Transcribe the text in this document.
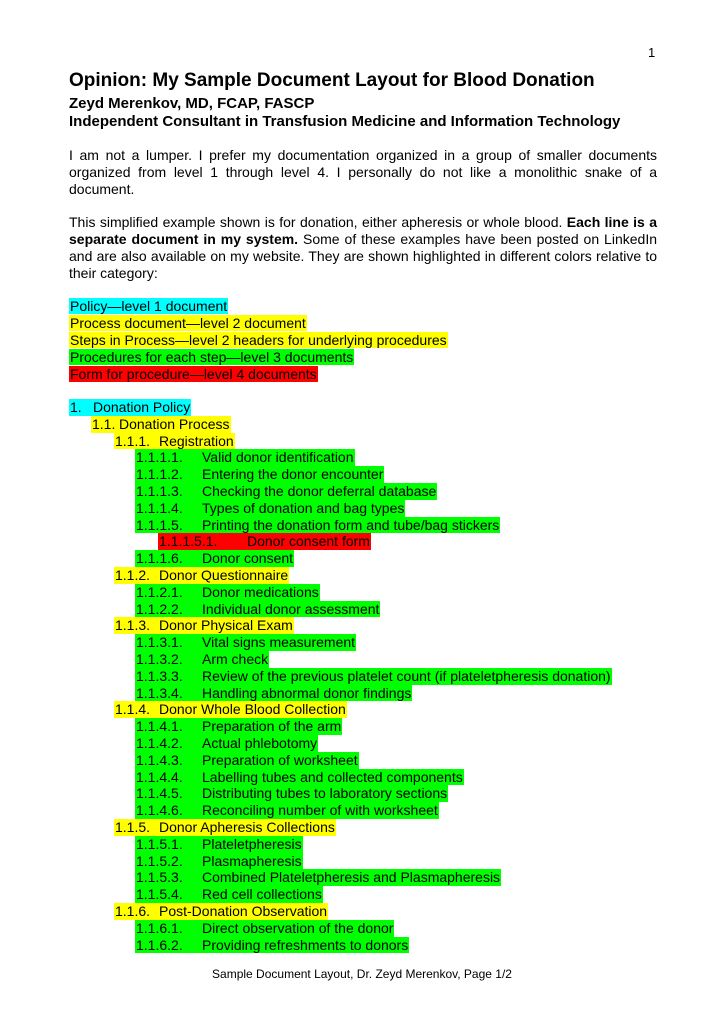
1
Opinion: My Sample Document Layout for Blood Donation
Zeyd Merenkov, MD, FCAP, FASCP
Independent Consultant in Transfusion Medicine and Information Technology
I am not a lumper. I prefer my documentation organized in a group of smaller documents organized from level 1 through level 4. I personally do not like a monolithic snake of a document.
This simplified example shown is for donation, either apheresis or whole blood. Each line is a separate document in my system. Some of these examples have been posted on LinkedIn and are also available on my website. They are shown highlighted in different colors relative to their category:
Policy—level 1 document
Process document—level 2 document
Steps in Process—level 2 headers for underlying procedures
Procedures for each step—level 3 documents
Form for procedure—level 4 documents
1. Donation Policy
1.1. Donation Process
1.1.1. Registration
1.1.1.1. Valid donor identification
1.1.1.2. Entering the donor encounter
1.1.1.3. Checking the donor deferral database
1.1.1.4. Types of donation and bag types
1.1.1.5. Printing the donation form and tube/bag stickers
1.1.1.5.1. Donor consent form
1.1.1.6. Donor consent
1.1.2. Donor Questionnaire
1.1.2.1. Donor medications
1.1.2.2. Individual donor assessment
1.1.3. Donor Physical Exam
1.1.3.1. Vital signs measurement
1.1.3.2. Arm check
1.1.3.3. Review of the previous platelet count (if plateletpheresis donation)
1.1.3.4. Handling abnormal donor findings
1.1.4. Donor Whole Blood Collection
1.1.4.1. Preparation of the arm
1.1.4.2. Actual phlebotomy
1.1.4.3. Preparation of worksheet
1.1.4.4. Labelling tubes and collected components
1.1.4.5. Distributing tubes to laboratory sections
1.1.4.6. Reconciling number of with worksheet
1.1.5. Donor Apheresis Collections
1.1.5.1. Plateletpheresis
1.1.5.2. Plasmapheresis
1.1.5.3. Combined Plateletpheresis and Plasmapheresis
1.1.5.4. Red cell collections
1.1.6. Post-Donation Observation
1.1.6.1. Direct observation of the donor
1.1.6.2. Providing refreshments to donors
Sample Document Layout, Dr. Zeyd Merenkov, Page 1/2
